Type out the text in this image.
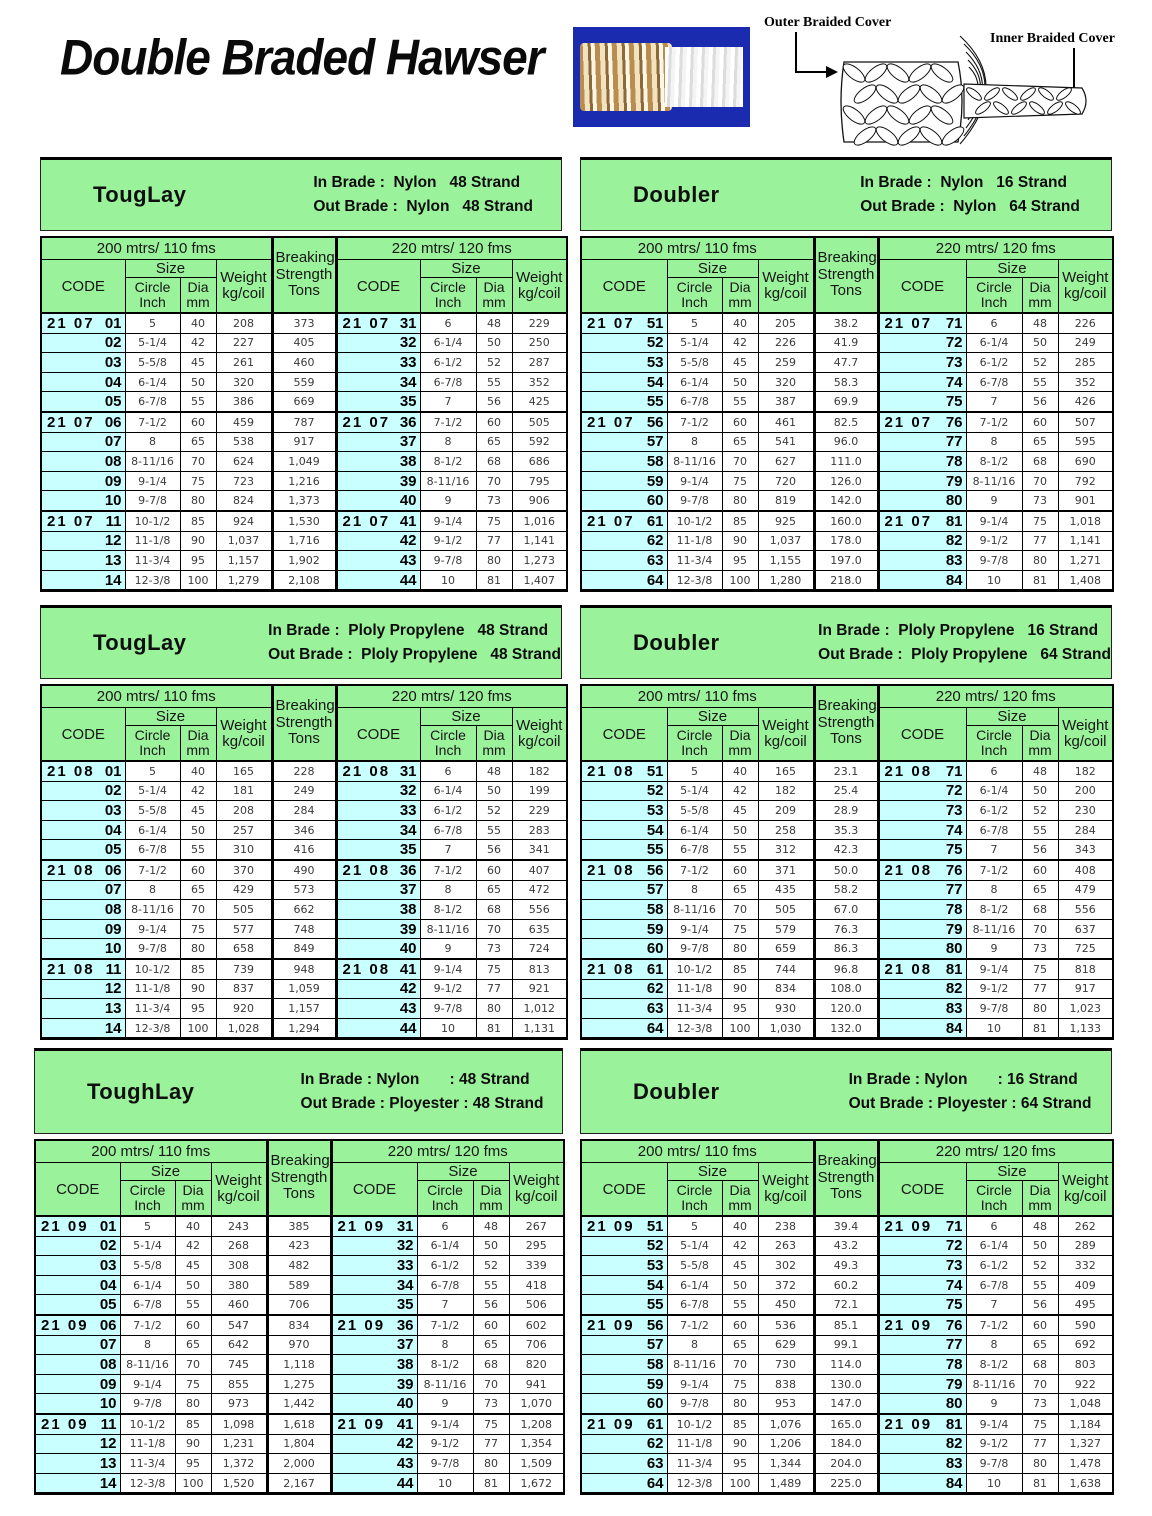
Double Braded Hawser
Outer Braided Cover
Inner Braided Cover
TougLay	In Brade :  Nylon   48 Strand
Out Brade :  Nylon   48 Strand
200 mtrs/ 110 fms				Breaking Strength Tons	220 mtrs/ 120 fms			
CODE	Size		Weight kg/coil		CODE	Size		Weight kg/coil
	Circle Inch	Dia mm				Circle Inch	Dia mm	

21 07 01	5	40	208	373	21 07 31	6	48	229

02	5-1/4	42	227	405	32	6-1/4	50	250

03	5-5/8	45	261	460	33	6-1/2	52	287

04	6-1/4	50	320	559	34	6-7/8	55	352

05	6-7/8	55	386	669	35	7	56	425

21 07 06	7-1/2	60	459	787	21 07 36	7-1/2	60	505

07	8	65	538	917	37	8	65	592

08	8-11/16	70	624	1,049	38	8-1/2	68	686

09	9-1/4	75	723	1,216	39	8-11/16	70	795

10	9-7/8	80	824	1,373	40	9	73	906

21 07 11	10-1/2	85	924	1,530	21 07 41	9-1/4	75	1,016

12	11-1/8	90	1,037	1,716	42	9-1/2	77	1,141

13	11-3/4	95	1,157	1,902	43	9-7/8	80	1,273

14	12-3/8	100	1,279	2,108	44	10	81	1,407
Doubler	In Brade :  Nylon   16 Strand
Out Brade :  Nylon   64 Strand
200 mtrs/ 110 fms				Breaking Strength Tons	220 mtrs/ 120 fms			
CODE	Size		Weight kg/coil		CODE	Size		Weight kg/coil
	Circle Inch	Dia mm				Circle Inch	Dia mm	

21 07 51	5	40	205	38.2	21 07 71	6	48	226

52	5-1/4	42	226	41.9	72	6-1/4	50	249

53	5-5/8	45	259	47.7	73	6-1/2	52	285

54	6-1/4	50	320	58.3	74	6-7/8	55	352

55	6-7/8	55	387	69.9	75	7	56	426

21 07 56	7-1/2	60	461	82.5	21 07 76	7-1/2	60	507

57	8	65	541	96.0	77	8	65	595

58	8-11/16	70	627	111.0	78	8-1/2	68	690

59	9-1/4	75	720	126.0	79	8-11/16	70	792

60	9-7/8	80	819	142.0	80	9	73	901

21 07 61	10-1/2	85	925	160.0	21 07 81	9-1/4	75	1,018

62	11-1/8	90	1,037	178.0	82	9-1/2	77	1,141

63	11-3/4	95	1,155	197.0	83	9-7/8	80	1,271

64	12-3/8	100	1,280	218.0	84	10	81	1,408
TougLay	In Brade :  Ploly Propylene   48 Strand
Out Brade :  Ploly Propylene   48 Strand
200 mtrs/ 110 fms				Breaking Strength Tons	220 mtrs/ 120 fms			
CODE	Size		Weight kg/coil		CODE	Size		Weight kg/coil
	Circle Inch	Dia mm				Circle Inch	Dia mm	

21 08 01	5	40	165	228	21 08 31	6	48	182

02	5-1/4	42	181	249	32	6-1/4	50	199

03	5-5/8	45	208	284	33	6-1/2	52	229

04	6-1/4	50	257	346	34	6-7/8	55	283

05	6-7/8	55	310	416	35	7	56	341

21 08 06	7-1/2	60	370	490	21 08 36	7-1/2	60	407

07	8	65	429	573	37	8	65	472

08	8-11/16	70	505	662	38	8-1/2	68	556

09	9-1/4	75	577	748	39	8-11/16	70	635

10	9-7/8	80	658	849	40	9	73	724

21 08 11	10-1/2	85	739	948	21 08 41	9-1/4	75	813

12	11-1/8	90	837	1,059	42	9-1/2	77	921

13	11-3/4	95	920	1,157	43	9-7/8	80	1,012

14	12-3/8	100	1,028	1,294	44	10	81	1,131
Doubler	In Brade :  Ploly Propylene   16 Strand
Out Brade :  Ploly Propylene   64 Strand
200 mtrs/ 110 fms				Breaking Strength Tons	220 mtrs/ 120 fms			
CODE	Size		Weight kg/coil		CODE	Size		Weight kg/coil
	Circle Inch	Dia mm				Circle Inch	Dia mm	

21 08 51	5	40	165	23.1	21 08 71	6	48	182

52	5-1/4	42	182	25.4	72	6-1/4	50	200

53	5-5/8	45	209	28.9	73	6-1/2	52	230

54	6-1/4	50	258	35.3	74	6-7/8	55	284

55	6-7/8	55	312	42.3	75	7	56	343

21 08 56	7-1/2	60	371	50.0	21 08 76	7-1/2	60	408

57	8	65	435	58.2	77	8	65	479

58	8-11/16	70	505	67.0	78	8-1/2	68	556

59	9-1/4	75	579	76.3	79	8-11/16	70	637

60	9-7/8	80	659	86.3	80	9	73	725

21 08 61	10-1/2	85	744	96.8	21 08 81	9-1/4	75	818

62	11-1/8	90	834	108.0	82	9-1/2	77	917

63	11-3/4	95	930	120.0	83	9-7/8	80	1,023

64	12-3/8	100	1,030	132.0	84	10	81	1,133
ToughLay	In Brade : Nylon       : 48 Strand
Out Brade : Ployester : 48 Strand
200 mtrs/ 110 fms				Breaking Strength Tons	220 mtrs/ 120 fms			
CODE	Size		Weight kg/coil		CODE	Size		Weight kg/coil
	Circle Inch	Dia mm				Circle Inch	Dia mm	

21 09 01	5	40	243	385	21 09 31	6	48	267

02	5-1/4	42	268	423	32	6-1/4	50	295

03	5-5/8	45	308	482	33	6-1/2	52	339

04	6-1/4	50	380	589	34	6-7/8	55	418

05	6-7/8	55	460	706	35	7	56	506

21 09 06	7-1/2	60	547	834	21 09 36	7-1/2	60	602

07	8	65	642	970	37	8	65	706

08	8-11/16	70	745	1,118	38	8-1/2	68	820

09	9-1/4	75	855	1,275	39	8-11/16	70	941

10	9-7/8	80	973	1,442	40	9	73	1,070

21 09 11	10-1/2	85	1,098	1,618	21 09 41	9-1/4	75	1,208

12	11-1/8	90	1,231	1,804	42	9-1/2	77	1,354

13	11-3/4	95	1,372	2,000	43	9-7/8	80	1,509

14	12-3/8	100	1,520	2,167	44	10	81	1,672
Doubler	In Brade : Nylon       : 16 Strand
Out Brade : Ployester : 64 Strand
200 mtrs/ 110 fms				Breaking Strength Tons	220 mtrs/ 120 fms			
CODE	Size		Weight kg/coil		CODE	Size		Weight kg/coil
	Circle Inch	Dia mm				Circle Inch	Dia mm	

21 09 51	5	40	238	39.4	21 09 71	6	48	262

52	5-1/4	42	263	43.2	72	6-1/4	50	289

53	5-5/8	45	302	49.3	73	6-1/2	52	332

54	6-1/4	50	372	60.2	74	6-7/8	55	409

55	6-7/8	55	450	72.1	75	7	56	495

21 09 56	7-1/2	60	536	85.1	21 09 76	7-1/2	60	590

57	8	65	629	99.1	77	8	65	692

58	8-11/16	70	730	114.0	78	8-1/2	68	803

59	9-1/4	75	838	130.0	79	8-11/16	70	922

60	9-7/8	80	953	147.0	80	9	73	1,048

21 09 61	10-1/2	85	1,076	165.0	21 09 81	9-1/4	75	1,184

62	11-1/8	90	1,206	184.0	82	9-1/2	77	1,327

63	11-3/4	95	1,344	204.0	83	9-7/8	80	1,478

64	12-3/8	100	1,489	225.0	84	10	81	1,638
